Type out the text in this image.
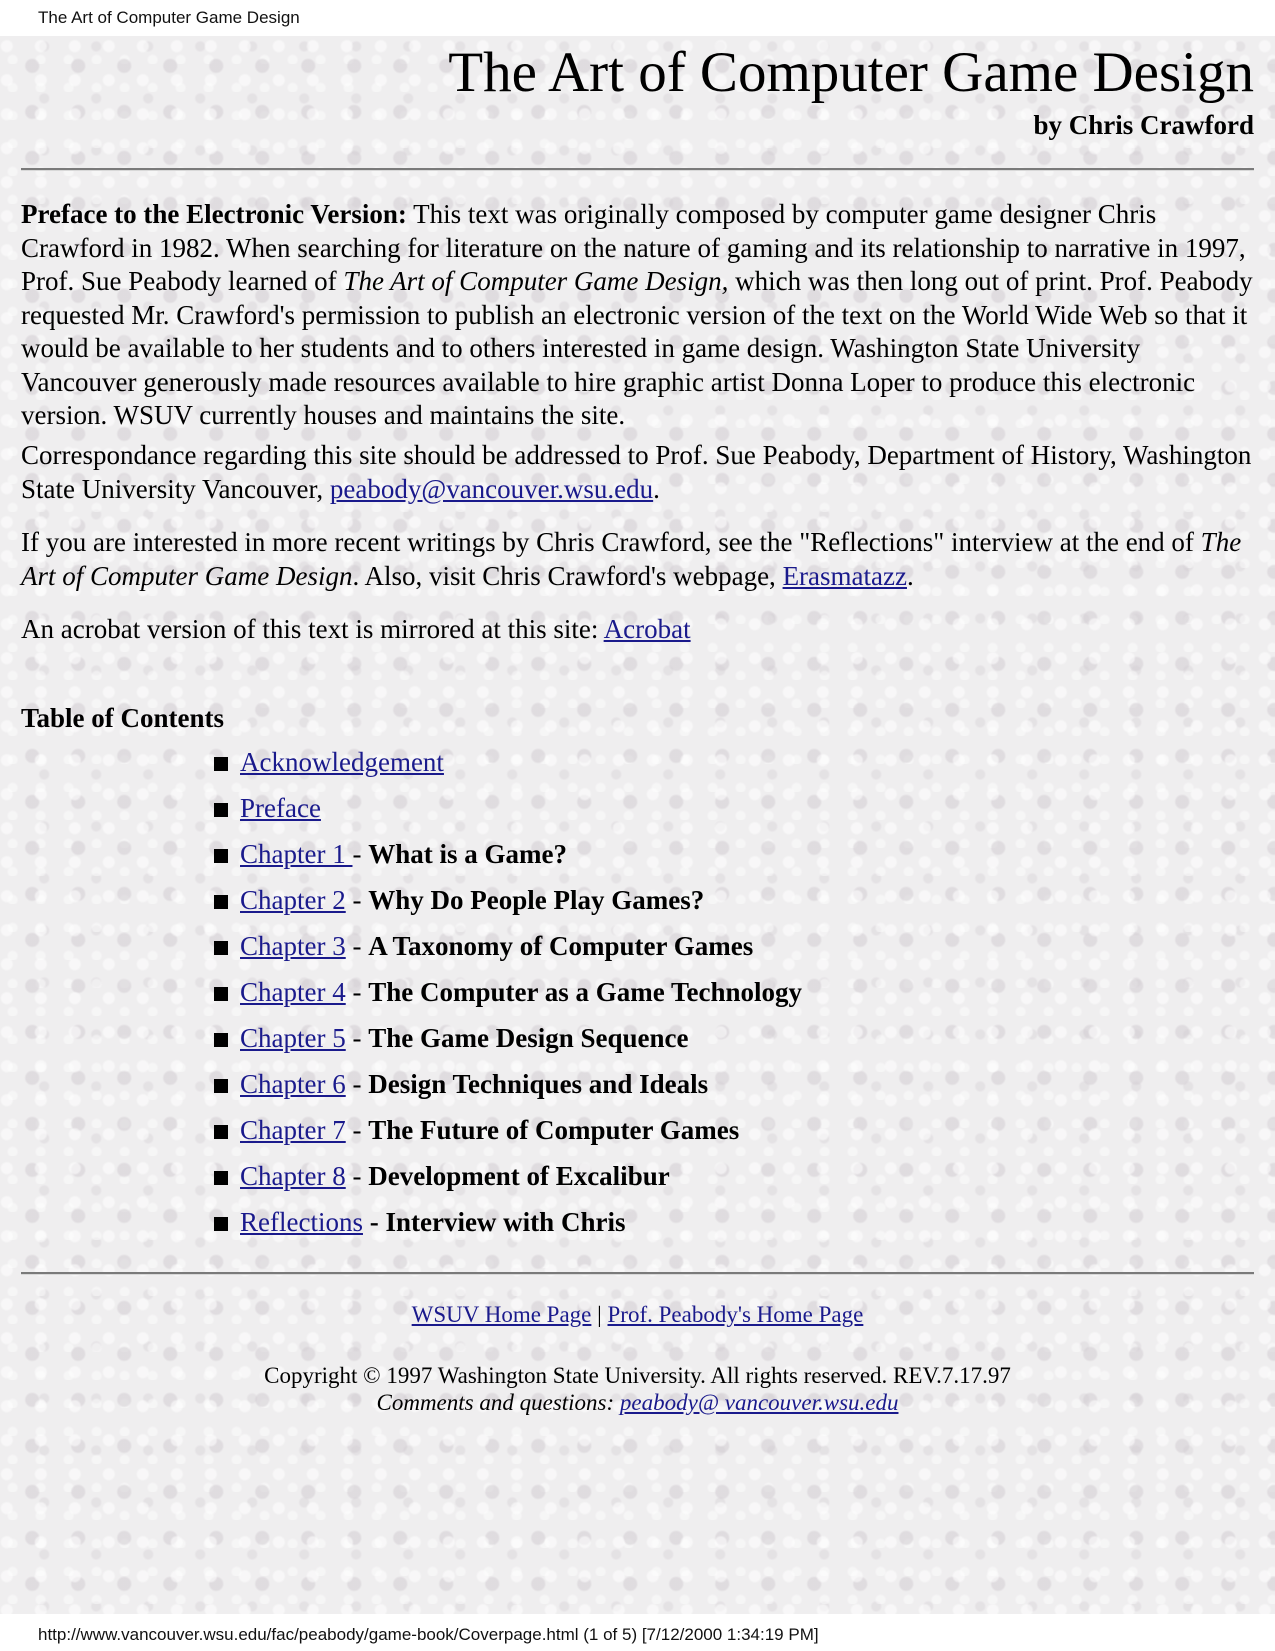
The Art of Computer Game Design
The Art of Computer Game Design
by Chris Crawford

Preface to the Electronic Version: This text was originally composed by computer game designer Chris Crawford in 1982. When searching for literature on the nature of gaming and its relationship to narrative in 1997, Prof. Sue Peabody learned of The Art of Computer Game Design, which was then long out of print. Prof. Peabody requested Mr. Crawford's permission to publish an electronic version of the text on the World Wide Web so that it would be available to her students and to others interested in game design. Washington State University Vancouver generously made resources available to hire graphic artist Donna Loper to produce this electronic version. WSUV currently houses and maintains the site.

Correspondance regarding this site should be addressed to Prof. Sue Peabody, Department of History, Washington State University Vancouver, peabody@vancouver.wsu.edu.

If you are interested in more recent writings by Chris Crawford, see the "Reflections" interview at the end of The Art of Computer Game Design. Also, visit Chris Crawford's webpage, Erasmatazz.

An acrobat version of this text is mirrored at this site: Acrobat

Table of Contents
Acknowledgement
Preface
Chapter 1 - What is a Game?
Chapter 2 - Why Do People Play Games?
Chapter 3 - A Taxonomy of Computer Games
Chapter 4 - The Computer as a Game Technology
Chapter 5 - The Game Design Sequence
Chapter 6 - Design Techniques and Ideals
Chapter 7 - The Future of Computer Games
Chapter 8 - Development of Excalibur
Reflections - Interview with Chris

WSUV Home Page | Prof. Peabody's Home Page

Copyright © 1997 Washington State University. All rights reserved. REV.7.17.97
Comments and questions: peabody@ vancouver.wsu.edu

http://www.vancouver.wsu.edu/fac/peabody/game-book/Coverpage.html (1 of 5) [7/12/2000 1:34:19 PM]
